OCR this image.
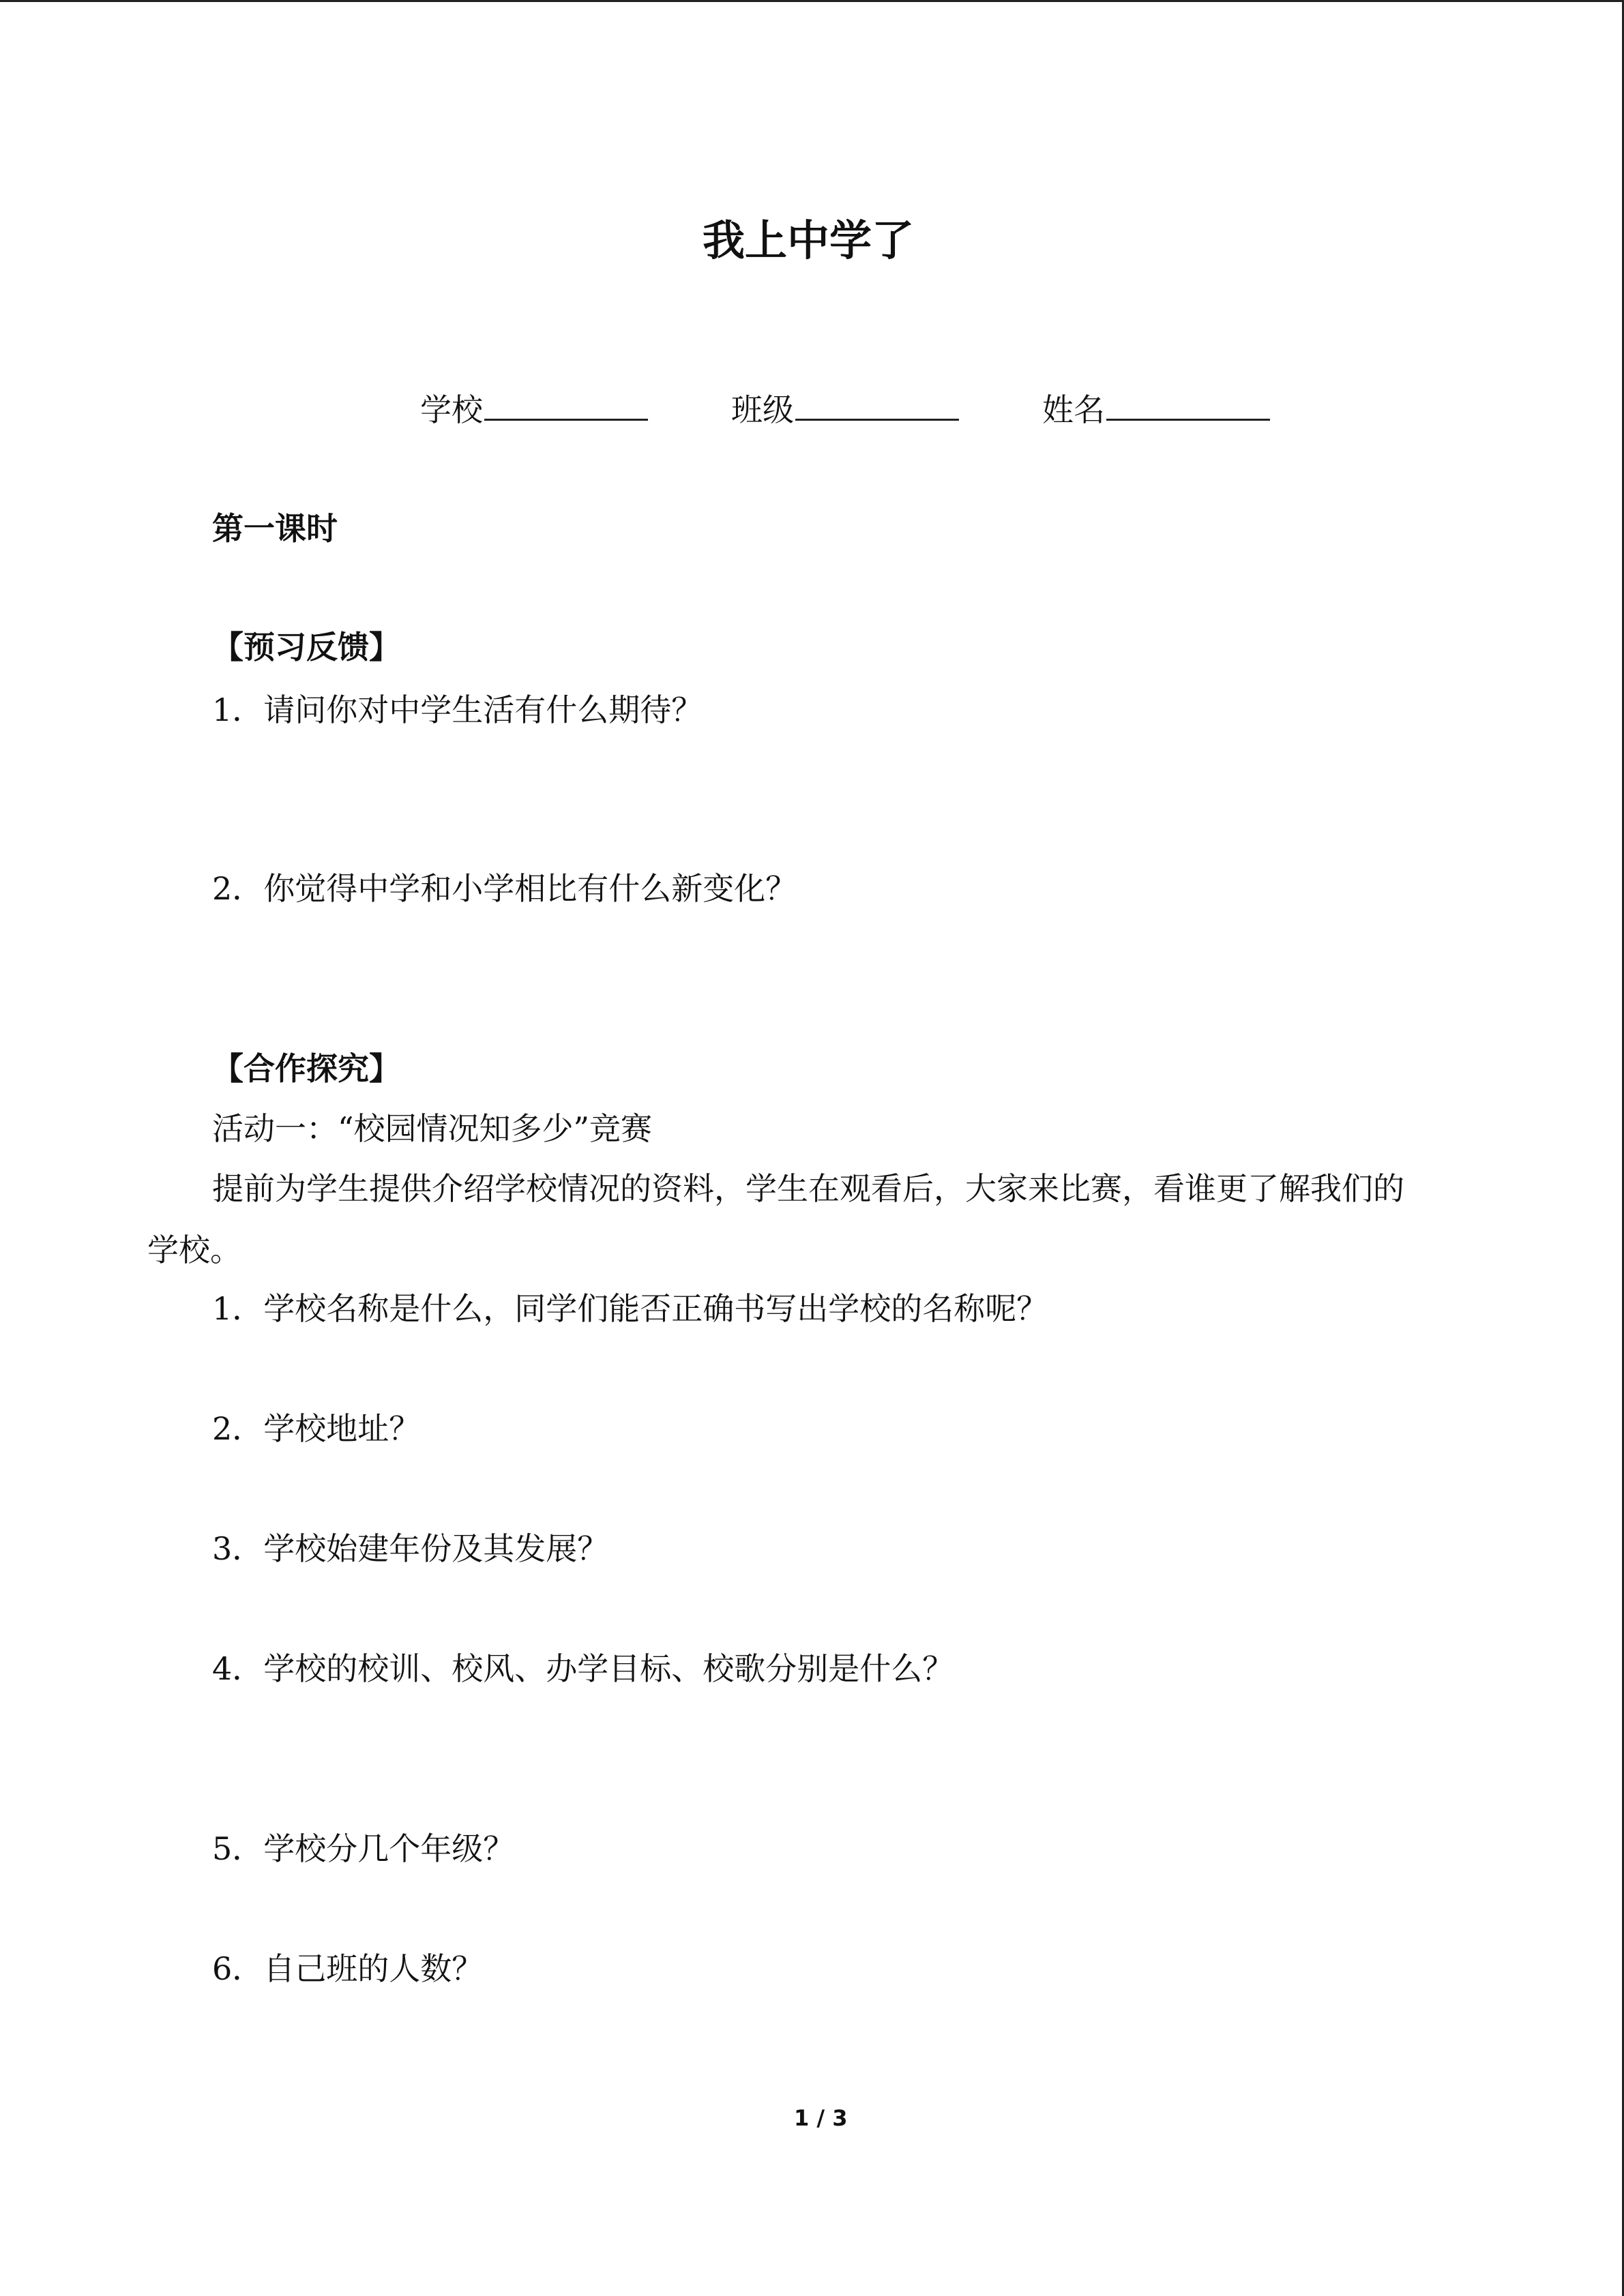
我上中学了
学校	班级	姓名
第一课时
【预习反馈】
1．请问你对中学生活有什么期待？
2．你觉得中学和小学相比有什么新变化？
【合作探究】
活动一：“校园情况知多少”竞赛
提前为学生提供介绍学校情况的资料，学生在观看后，大家来比赛，看谁更了解我们的
学校。
1．学校名称是什么，同学们能否正确书写出学校的名称呢？
2．学校地址？
3．学校始建年份及其发展？
4．学校的校训、校风、办学目标、校歌分别是什么？
5．学校分几个年级？
6．自己班的人数？
1 / 3
